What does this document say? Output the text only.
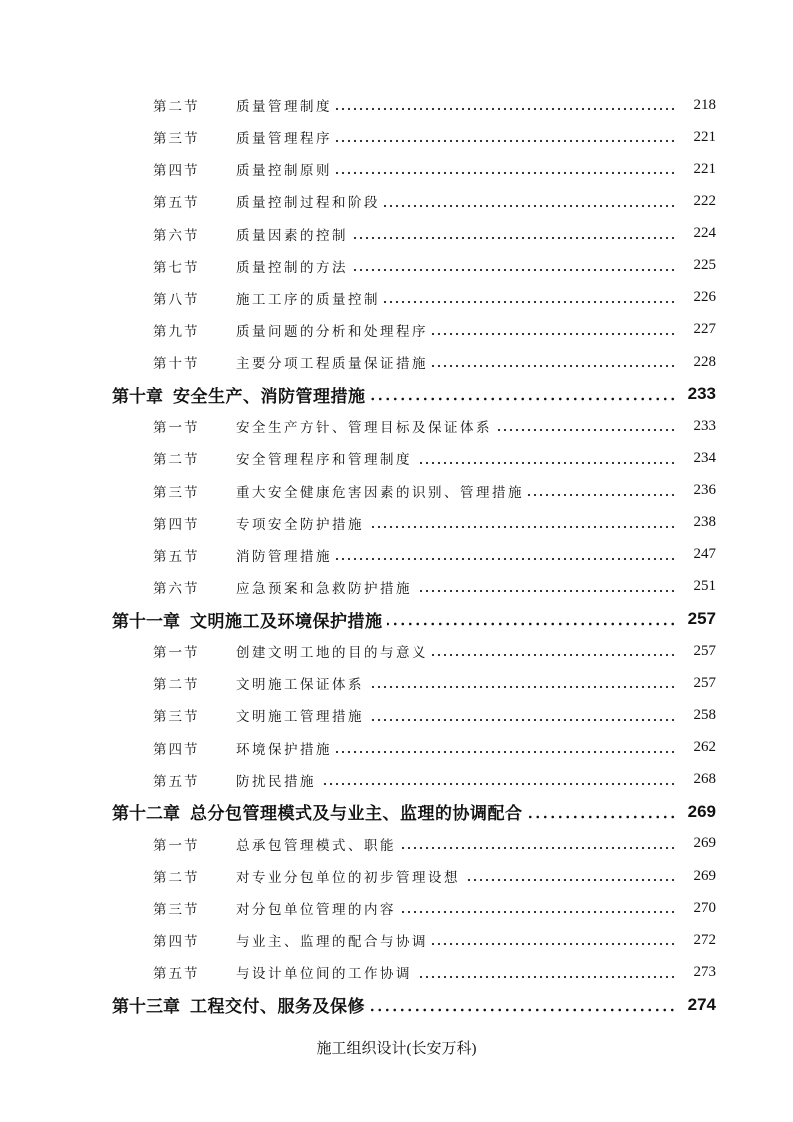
第二节	质量管理制度	218
第三节	质量管理程序	221
第四节	质量控制原则	221
第五节	质量控制过程和阶段	222
第六节	质量因素的控制	224
第七节	质量控制的方法	225
第八节	施工工序的质量控制	226
第九节	质量问题的分析和处理程序	227
第十节	主要分项工程质量保证措施	228
第十章 安全生产、消防管理措施	233
第一节	安全生产方针、管理目标及保证体系	233
第二节	安全管理程序和管理制度	234
第三节	重大安全健康危害因素的识别、管理措施	236
第四节	专项安全防护措施	238
第五节	消防管理措施	247
第六节	应急预案和急救防护措施	251
第十一章 文明施工及环境保护措施	257
第一节	创建文明工地的目的与意义	257
第二节	文明施工保证体系	257
第三节	文明施工管理措施	258
第四节	环境保护措施	262
第五节	防扰民措施	268
第十二章 总分包管理模式及与业主、监理的协调配合	269
第一节	总承包管理模式、职能	269
第二节	对专业分包单位的初步管理设想	269
第三节	对分包单位管理的内容	270
第四节	与业主、监理的配合与协调	272
第五节	与设计单位间的工作协调	273
第十三章 工程交付、服务及保修	274
施工组织设计(长安万科)
